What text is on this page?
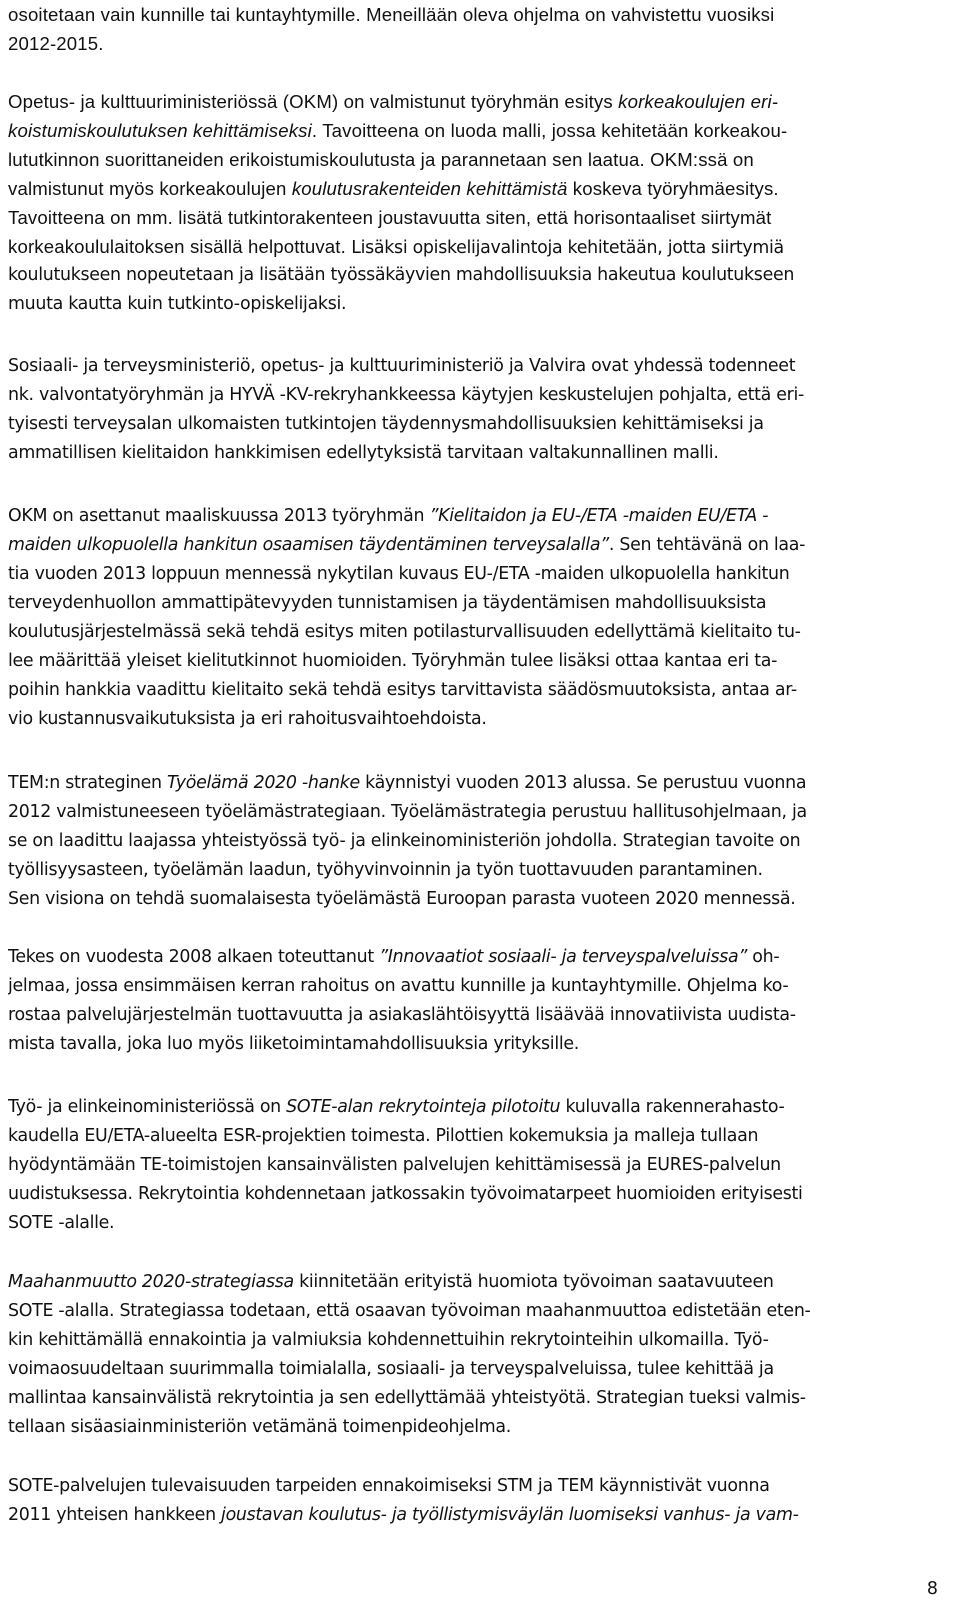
osoitetaan vain kunnille tai kuntayhtymille. Meneillään oleva ohjelma on vahvistettu vuosiksi
2012-2015.
Opetus- ja kulttuuriministeriössä (OKM) on valmistunut työryhmän esitys korkeakoulujen eri-
koistumiskoulutuksen kehittämiseksi. Tavoitteena on luoda malli, jossa kehitetään korkeakou-
lututkinnon suorittaneiden erikoistumiskoulutusta ja parannetaan sen laatua. OKM:ssä on
valmistunut myös korkeakoulujen koulutusrakenteiden kehittämistä koskeva työryhmäesitys.
Tavoitteena on mm. lisätä tutkintorakenteen joustavuutta siten, että horisontaaliset siirtymät
korkeakoululaitoksen sisällä helpottuvat. Lisäksi opiskelijavalintoja kehitetään, jotta siirtymiä
koulutukseen nopeutetaan ja lisätään työssäkäyvien mahdollisuuksia hakeutua koulutukseen
muuta kautta kuin tutkinto-opiskelijaksi.
Sosiaali- ja terveysministeriö, opetus- ja kulttuuriministeriö ja Valvira ovat yhdessä todenneet
nk. valvontatyöryhmän ja HYVÄ -KV-rekryhankkeessa käytyjen keskustelujen pohjalta, että eri-
tyisesti terveysalan ulkomaisten tutkintojen täydennysmahdollisuuksien kehittämiseksi ja
ammatillisen kielitaidon hankkimisen edellytyksistä tarvitaan valtakunnallinen malli.
OKM on asettanut maaliskuussa 2013 työryhmän ”Kielitaidon ja EU-/ETA -maiden EU/ETA -
maiden ulkopuolella hankitun osaamisen täydentäminen terveysalalla”. Sen tehtävänä on laa-
tia vuoden 2013 loppuun mennessä nykytilan kuvaus EU-/ETA -maiden ulkopuolella hankitun
terveydenhuollon ammattipätevyyden tunnistamisen ja täydentämisen mahdollisuuksista
koulutusjärjestelmässä sekä tehdä esitys miten potilasturvallisuuden edellyttämä kielitaito tu-
lee määrittää yleiset kielitutkinnot huomioiden. Työryhmän tulee lisäksi ottaa kantaa eri ta-
poihin hankkia vaadittu kielitaito sekä tehdä esitys tarvittavista säädösmuutoksista, antaa ar-
vio kustannusvaikutuksista ja eri rahoitusvaihtoehdoista.
TEM:n strateginen Työelämä 2020 -hanke käynnistyi vuoden 2013 alussa. Se perustuu vuonna
2012 valmistuneeseen työelämästrategiaan. Työelämästrategia perustuu hallitusohjelmaan, ja
se on laadittu laajassa yhteistyössä työ- ja elinkeinoministeriön johdolla. Strategian tavoite on
työllisyysasteen, työelämän laadun, työhyvinvoinnin ja työn tuottavuuden parantaminen.
Sen visiona on tehdä suomalaisesta työelämästä Euroopan parasta vuoteen 2020 mennessä.
Tekes on vuodesta 2008 alkaen toteuttanut ”Innovaatiot sosiaali- ja terveyspalveluissa” oh-
jelmaa, jossa ensimmäisen kerran rahoitus on avattu kunnille ja kuntayhtymille. Ohjelma ko-
rostaa palvelujärjestelmän tuottavuutta ja asiakaslähtöisyyttä lisäävää innovatiivista uudista-
mista tavalla, joka luo myös liiketoimintamahdollisuuksia yrityksille.
Työ- ja elinkeinoministeriössä on SOTE-alan rekrytointeja pilotoitu kuluvalla rakennerahasto-
kaudella EU/ETA-alueelta ESR-projektien toimesta. Pilottien kokemuksia ja malleja tullaan
hyödyntämään TE-toimistojen kansainvälisten palvelujen kehittämisessä ja EURES-palvelun
uudistuksessa. Rekrytointia kohdennetaan jatkossakin työvoimatarpeet huomioiden erityisesti
SOTE -alalle.
Maahanmuutto 2020-strategiassa kiinnitetään erityistä huomiota työvoiman saatavuuteen
SOTE -alalla. Strategiassa todetaan, että osaavan työvoiman maahanmuuttoa edistetään eten-
kin kehittämällä ennakointia ja valmiuksia kohdennettuihin rekrytointeihin ulkomailla. Työ-
voimaosuudeltaan suurimmalla toimialalla, sosiaali- ja terveyspalveluissa, tulee kehittää ja
mallintaa kansainvälistä rekrytointia ja sen edellyttämää yhteistyötä. Strategian tueksi valmis-
tellaan sisäasiainministeriön vetämänä toimenpideohjelma.
SOTE-palvelujen tulevaisuuden tarpeiden ennakoimiseksi STM ja TEM käynnistivät vuonna
2011 yhteisen hankkeen joustavan koulutus- ja työllistymisväylän luomiseksi vanhus- ja vam-
8
